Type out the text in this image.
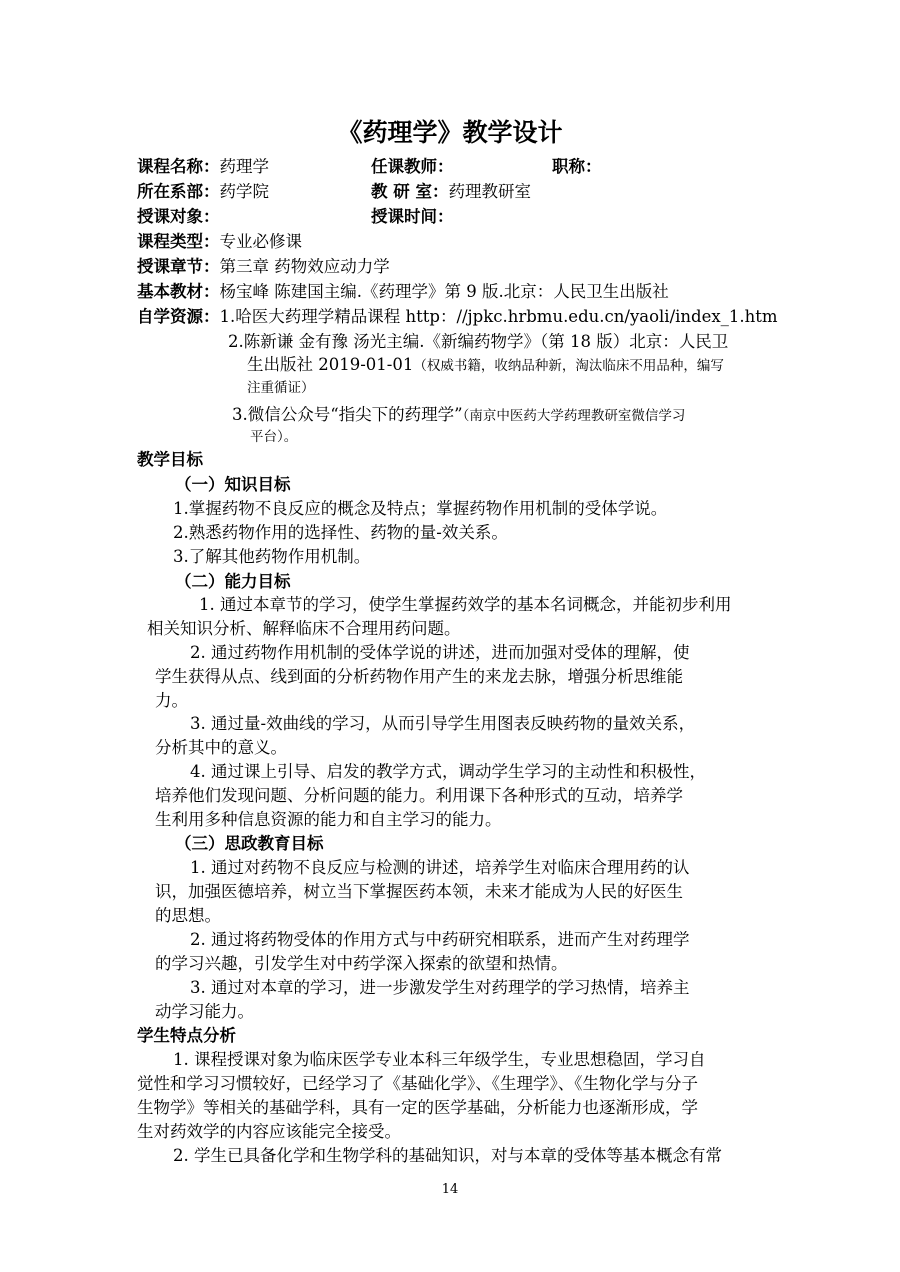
《药理学》教学设计
课程名称：药理学	任课教师：	职称：
所在系部：药学院	教 研 室：药理教研室
授课对象：	授课时间：
课程类型：专业必修课
授课章节：第三章 药物效应动力学
基本教材：杨宝峰 陈建国主编.《药理学》第 9 版.北京：人民卫生出版社
自学资源：1.哈医大药理学精品课程 http：//jpkc.hrbmu.edu.cn/yaoli/index_1.htm
2.陈新谦 金有豫 汤光主编.《新编药物学》（第 18 版）北京：人民卫
生出版社 2019-01-01（权威书籍，收纳品种新，淘汰临床不用品种，编写
注重循证）
3.微信公众号“指尖下的药理学”（南京中医药大学药理教研室微信学习
平台）。
教学目标
（一）知识目标
1.掌握药物不良反应的概念及特点；掌握药物作用机制的受体学说。
2.熟悉药物作用的选择性、药物的量-效关系。
3.了解其他药物作用机制。
（二）能力目标
1. 通过本章节的学习，使学生掌握药效学的基本名词概念，并能初步利用
相关知识分析、解释临床不合理用药问题。
2. 通过药物作用机制的受体学说的讲述，进而加强对受体的理解，使
学生获得从点、线到面的分析药物作用产生的来龙去脉，增强分析思维能
力。
3. 通过量-效曲线的学习，从而引导学生用图表反映药物的量效关系，
分析其中的意义。
4. 通过课上引导、启发的教学方式，调动学生学习的主动性和积极性，
培养他们发现问题、分析问题的能力。利用课下各种形式的互动，培养学
生利用多种信息资源的能力和自主学习的能力。
（三）思政教育目标
1. 通过对药物不良反应与检测的讲述，培养学生对临床合理用药的认
识，加强医德培养，树立当下掌握医药本领，未来才能成为人民的好医生
的思想。
2. 通过将药物受体的作用方式与中药研究相联系，进而产生对药理学
的学习兴趣，引发学生对中药学深入探索的欲望和热情。
3. 通过对本章的学习，进一步激发学生对药理学的学习热情，培养主
动学习能力。
学生特点分析
1. 课程授课对象为临床医学专业本科三年级学生，专业思想稳固，学习自
觉性和学习习惯较好，已经学习了《基础化学》、《生理学》、《生物化学与分子
生物学》等相关的基础学科，具有一定的医学基础，分析能力也逐渐形成，学
生对药效学的内容应该能完全接受。
2. 学生已具备化学和生物学科的基础知识，对与本章的受体等基本概念有常
14
